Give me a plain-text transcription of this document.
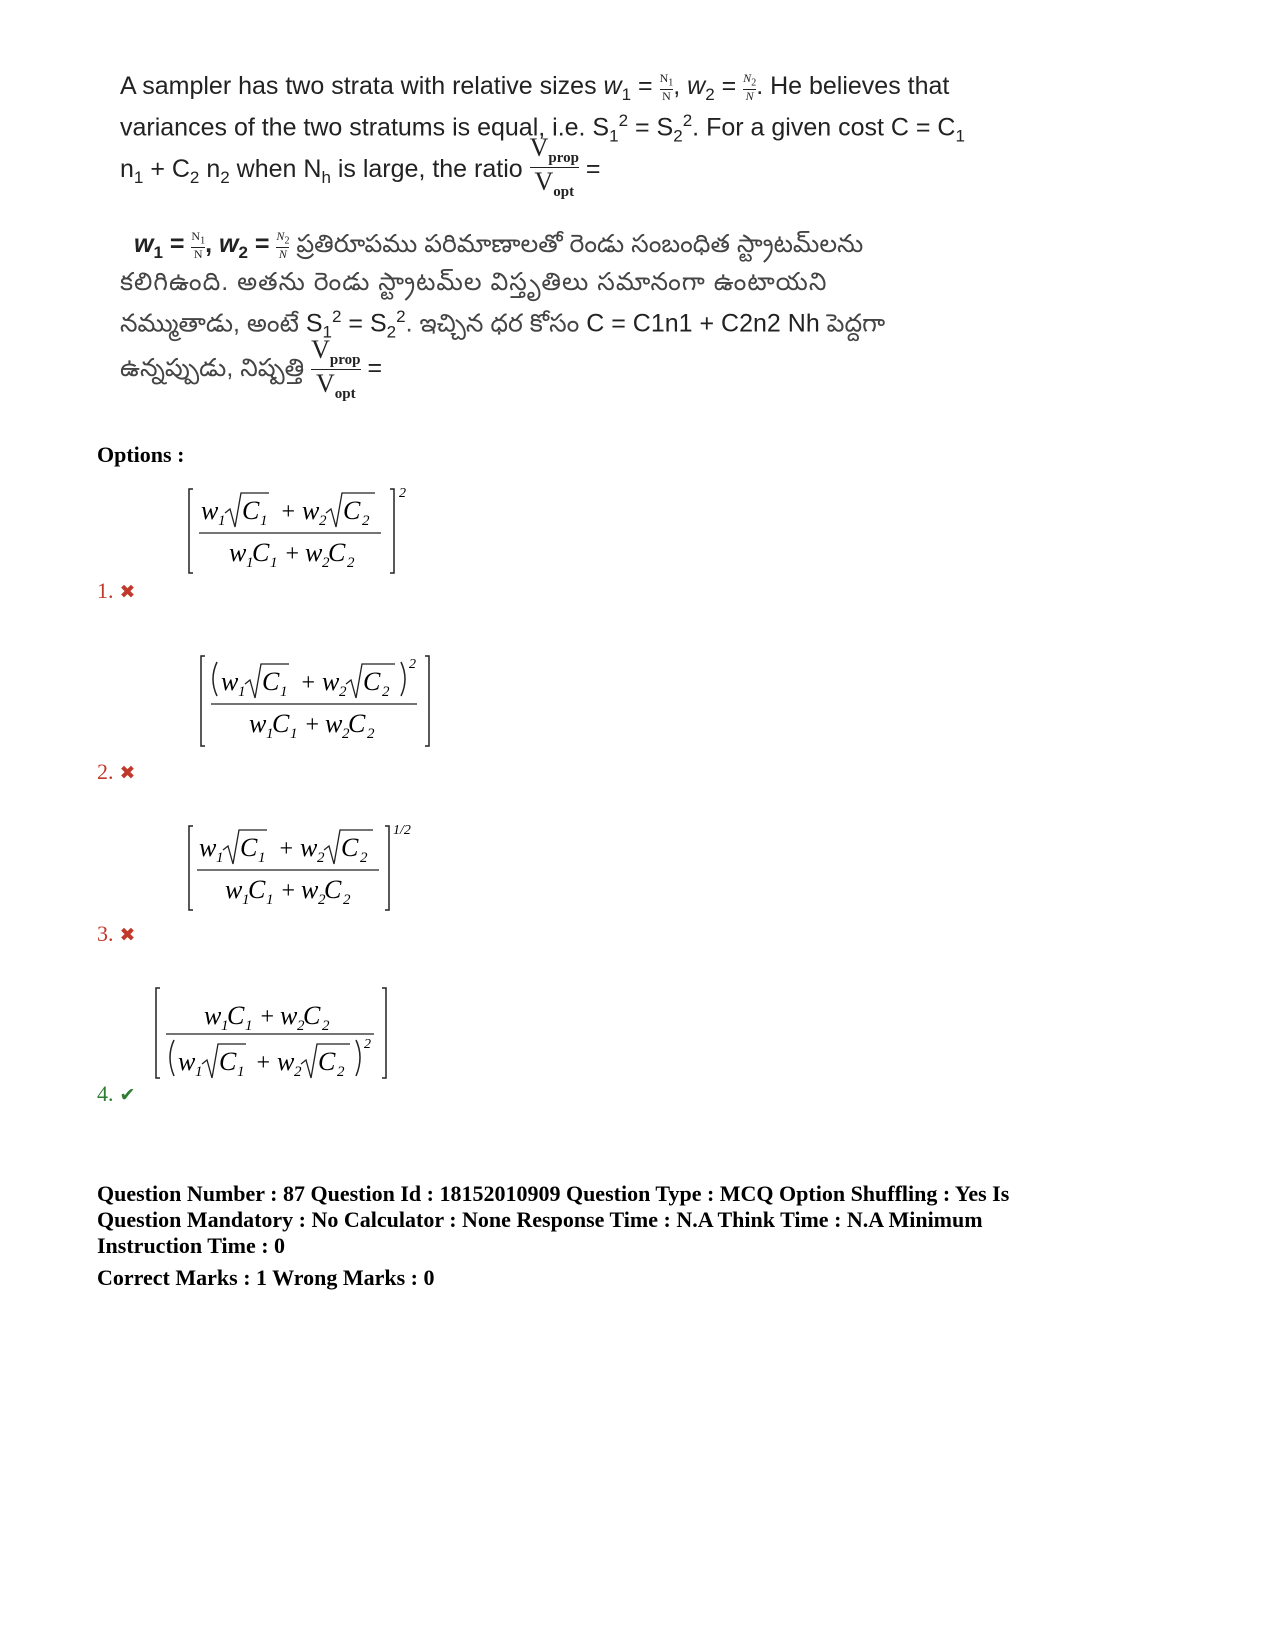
A sampler has two strata with relative sizes $w_1 = \frac{N_1}{N}$ , $w_2 = \frac{N_2}{N}$ . He believes that
variances of the two stratums is equal, i.e. $S_1^2 = S_2^2$. For a given cost $C = C_1$
$n_1 + C_2$ $n_2$ when $N_h$ is large, the ratio $\frac{V_{prop}}{V_{opt}}$ =
$w_1 = \frac{N_1}{N}$ , $w_2 = \frac{N_2}{N}$ ప్రతిరూపము పరిమాణాలతో రెండు సంబంధిత స్ట్రాటమ్‌లను
కలిగిఉంది. అతను రెండు స్ట్రాటమ్‌ల విస్తృతిలు సమానంగా ఉంటాయని
నమ్ముతాడు, అంటే $S_1^2 = S_2^2$. ఇచ్చిన ధర కోసం C = C1n1 + C2n2 Nh పెద్దగా
ఉన్నప్పుడు, నిష్పత్తి $\frac{V_{prop}}{V_{opt}}$ =
Options :
2
w 1 C 1 + w 2 C 2
w 1
C 1 + w 2
C 2
1. ✖
w 1 C 1 + w 2 C 2
2
w 1
C 1 + w 2
C 2
2. ✖
1/2
w 1 C 1 + w 2 C 2
w 1
C 1 + w 2
C 2
3. ✖
w 1
C 1 + w 2
C 2
w 1 C 1 + w 2 C 2
2
4. ✔
Question Number : 87 Question Id : 18152010909 Question Type : MCQ Option Shuffling : Yes Is
Question Mandatory : No Calculator : None Response Time : N.A Think Time : N.A Minimum
Instruction Time : 0
Correct Marks : 1 Wrong Marks : 0
